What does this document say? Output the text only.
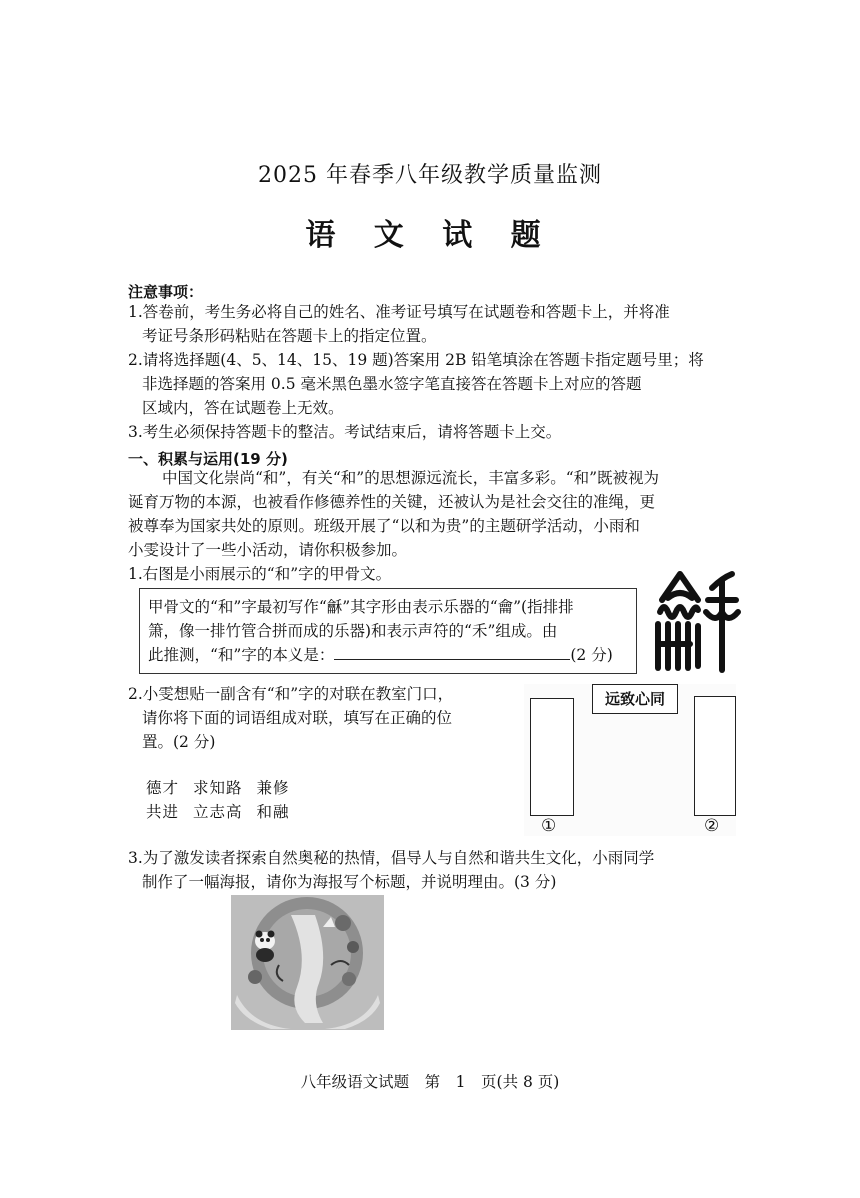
2025 年春季八年级教学质量监测
语 文 试 题
注意事项：
1.答卷前，考生务必将自己的姓名、准考证号填写在试题卷和答题卡上，并将准
考证号条形码粘贴在答题卡上的指定位置。
2.请将选择题(4、5、14、15、19 题)答案用 2B 铅笔填涂在答题卡指定题号里；将
非选择题的答案用 0.5 毫米黑色墨水签字笔直接答在答题卡上对应的答题
区域内，答在试题卷上无效。
3.考生必须保持答题卡的整洁。考试结束后，请将答题卡上交。
一、积累与运用(19 分)
中国文化崇尚“和”，有关“和”的思想源远流长，丰富多彩。“和”既被视为
诞育万物的本源，也被看作修德养性的关键，还被认为是社会交往的准绳，更
被尊奉为国家共处的原则。班级开展了“以和为贵”的主题研学活动，小雨和
小雯设计了一些小活动，请你积极参加。
1.右图是小雨展示的“和”字的甲骨文。
甲骨文的“和”字最初写作“龢”其字形由表示乐器的“龠”(指排排
箫，像一排竹管合拼而成的乐器)和表示声符的“禾”组成。由
此推测，“和”字的本义是：	(2 分)
2.小雯想贴一副含有“和”字的对联在教室门口，
请你将下面的词语组成对联，填写在正确的位
置。(2 分)
德才 求知路 兼修
共进 立志高 和融
远致心同
①	②
3.为了激发读者探索自然奥秘的热情，倡导人与自然和谐共生文化，小雨同学
制作了一幅海报，请你为海报写个标题，并说明理由。(3 分)
八年级语文试题　第　1　页(共 8 页)
